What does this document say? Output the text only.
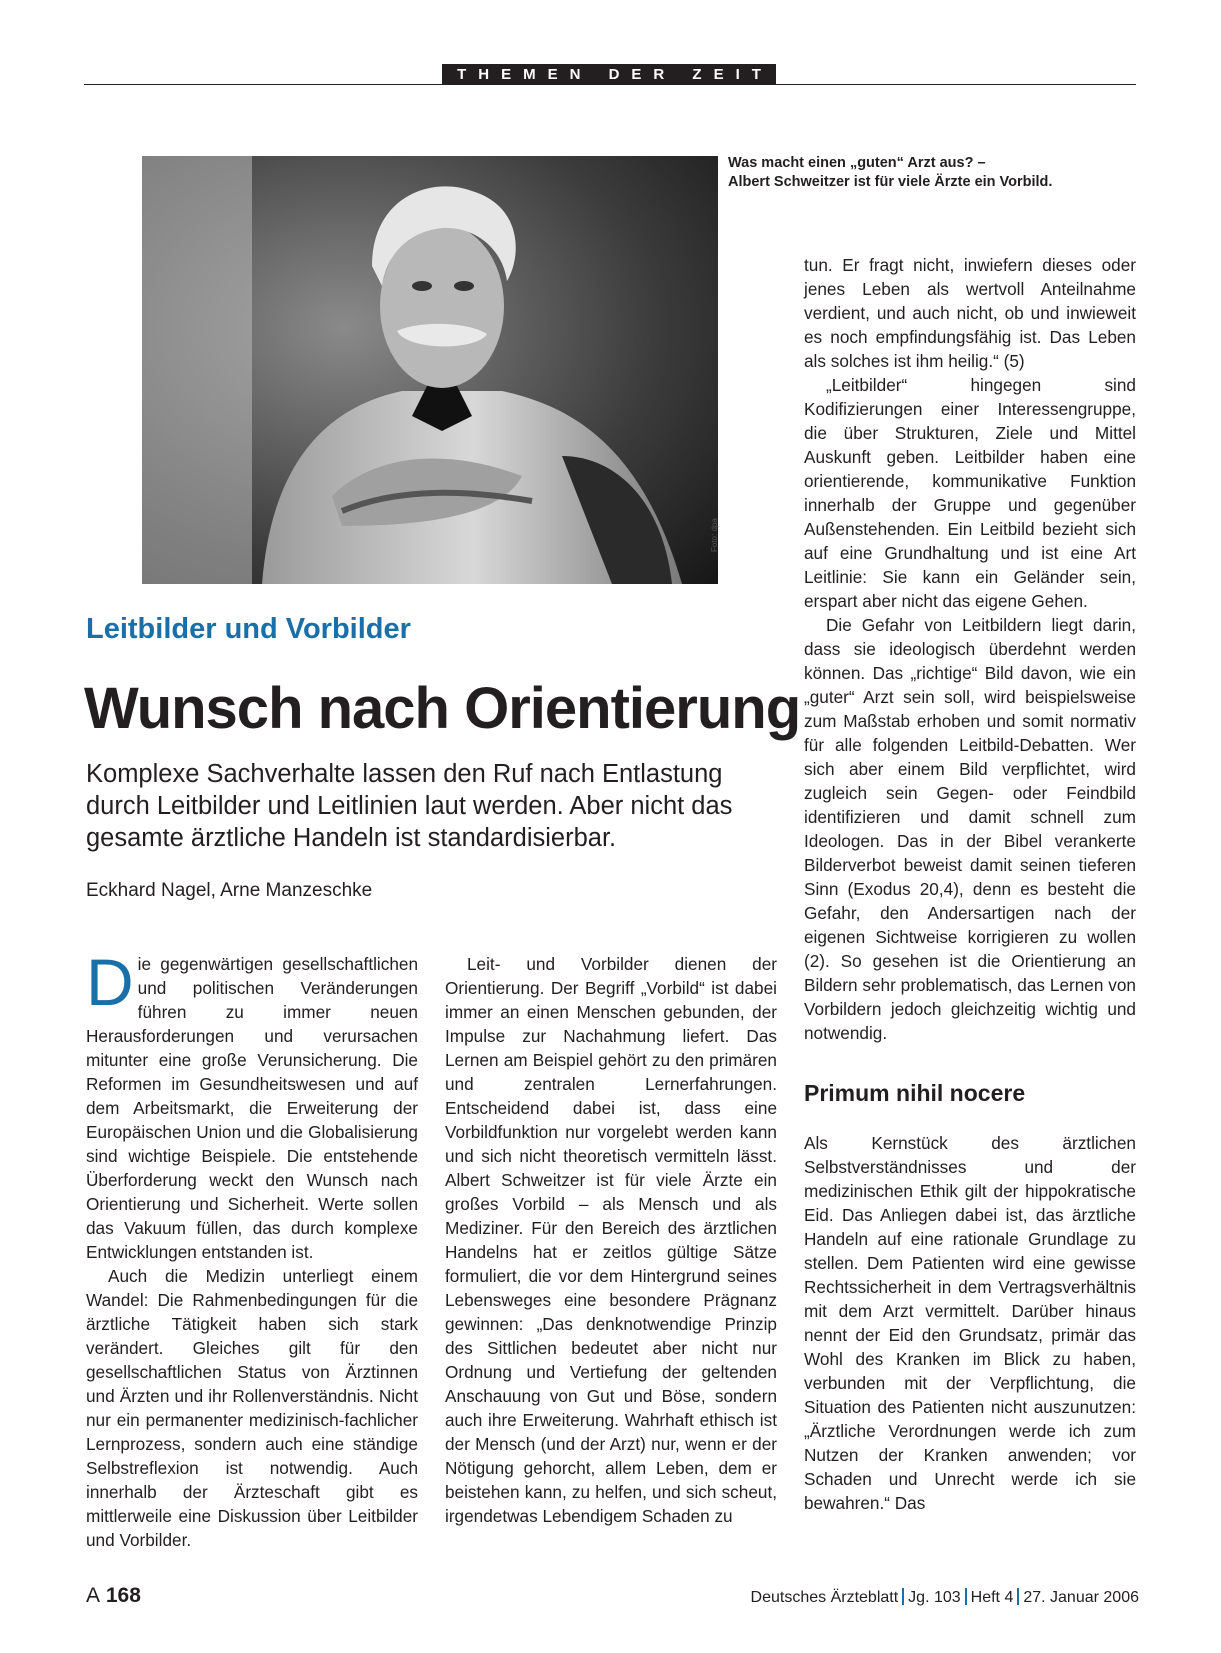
THEMEN DER ZEIT
Foto: dpa
Was macht einen „guten“ Arzt aus? –
Albert Schweitzer ist für viele Ärzte ein Vorbild.
Leitbilder und Vorbilder
Wunsch nach Orientierung
Komplexe Sachverhalte lassen den Ruf nach Entlastung durch Leitbilder und Leitlinien laut werden. Aber nicht das gesamte ärztliche Handeln ist standardisierbar.
Eckhard Nagel, Arne Manzeschke

Die gegenwärtigen gesellschaftlichen und politischen Veränderungen führen zu immer neuen Herausforderungen und verursachen mitunter eine große Verunsicherung. Die Reformen im Gesundheitswesen und auf dem Arbeitsmarkt, die Erweiterung der Europäischen Union und die Globalisierung sind wichtige Beispiele. Die entstehende Überforderung weckt den Wunsch nach Orientierung und Sicherheit. Werte sollen das Vakuum füllen, das durch komplexe Entwicklungen entstanden ist.

Auch die Medizin unterliegt einem Wandel: Die Rahmenbedingungen für die ärztliche Tätigkeit haben sich stark verändert. Gleiches gilt für den gesellschaftlichen Status von Ärztinnen und Ärzten und ihr Rollenverständnis. Nicht nur ein permanenter medizinisch-fachlicher Lernprozess, sondern auch eine ständige Selbstreflexion ist notwendig. Auch innerhalb der Ärzteschaft gibt es mittlerweile eine Diskussion über Leitbilder und Vorbilder.

Leit- und Vorbilder dienen der Orientierung. Der Begriff „Vorbild“ ist dabei immer an einen Menschen gebunden, der Impulse zur Nachahmung liefert. Das Lernen am Beispiel gehört zu den primären und zentralen Lernerfahrungen. Entscheidend dabei ist, dass eine Vorbildfunktion nur vorgelebt werden kann und sich nicht theoretisch vermitteln lässt. Albert Schweitzer ist für viele Ärzte ein großes Vorbild – als Mensch und als Mediziner. Für den Bereich des ärztlichen Handelns hat er zeitlos gültige Sätze formuliert, die vor dem Hintergrund seines Lebensweges eine besondere Prägnanz gewinnen: „Das denknotwendige Prinzip des Sittlichen bedeutet aber nicht nur Ordnung und Vertiefung der geltenden Anschauung von Gut und Böse, sondern auch ihre Erweiterung. Wahrhaft ethisch ist der Mensch (und der Arzt) nur, wenn er der Nötigung gehorcht, allem Leben, dem er beistehen kann, zu helfen, und sich scheut, irgendetwas Lebendigem Schaden zu

tun. Er fragt nicht, inwiefern dieses oder jenes Leben als wertvoll Anteilnahme verdient, und auch nicht, ob und inwieweit es noch empfindungsfähig ist. Das Leben als solches ist ihm heilig.“ (5)

„Leitbilder“ hingegen sind Kodifizierungen einer Interessengruppe, die über Strukturen, Ziele und Mittel Auskunft geben. Leitbilder haben eine orientierende, kommunikative Funktion innerhalb der Gruppe und gegenüber Außenstehenden. Ein Leitbild bezieht sich auf eine Grundhaltung und ist eine Art Leitlinie: Sie kann ein Geländer sein, erspart aber nicht das eigene Gehen.

Die Gefahr von Leitbildern liegt darin, dass sie ideologisch überdehnt werden können. Das „richtige“ Bild davon, wie ein „guter“ Arzt sein soll, wird beispielsweise zum Maßstab erhoben und somit normativ für alle folgenden Leitbild-Debatten. Wer sich aber einem Bild verpflichtet, wird zugleich sein Gegen- oder Feindbild identifizieren und damit schnell zum Ideologen. Das in der Bibel verankerte Bilderverbot beweist damit seinen tieferen Sinn (Exodus 20,4), denn es besteht die Gefahr, den Andersartigen nach der eigenen Sichtweise korrigieren zu wollen (2). So gesehen ist die Orientierung an Bildern sehr problematisch, das Lernen von Vorbildern jedoch gleichzeitig wichtig und notwendig.

Primum nihil nocere

Als Kernstück des ärztlichen Selbstverständnisses und der medizinischen Ethik gilt der hippokratische Eid. Das Anliegen dabei ist, das ärztliche Handeln auf eine rationale Grundlage zu stellen. Dem Patienten wird eine gewisse Rechtssicherheit in dem Vertragsverhältnis mit dem Arzt vermittelt. Darüber hinaus nennt der Eid den Grundsatz, primär das Wohl des Kranken im Blick zu haben, verbunden mit der Verpflichtung, die Situation des Patienten nicht auszunutzen: „Ärztliche Verordnungen werde ich zum Nutzen der Kranken anwenden; vor Schaden und Unrecht werde ich sie bewahren.“ Das

A 168	Deutsches Ärzteblatt Jg. 103 Heft 4 27. Januar 2006
